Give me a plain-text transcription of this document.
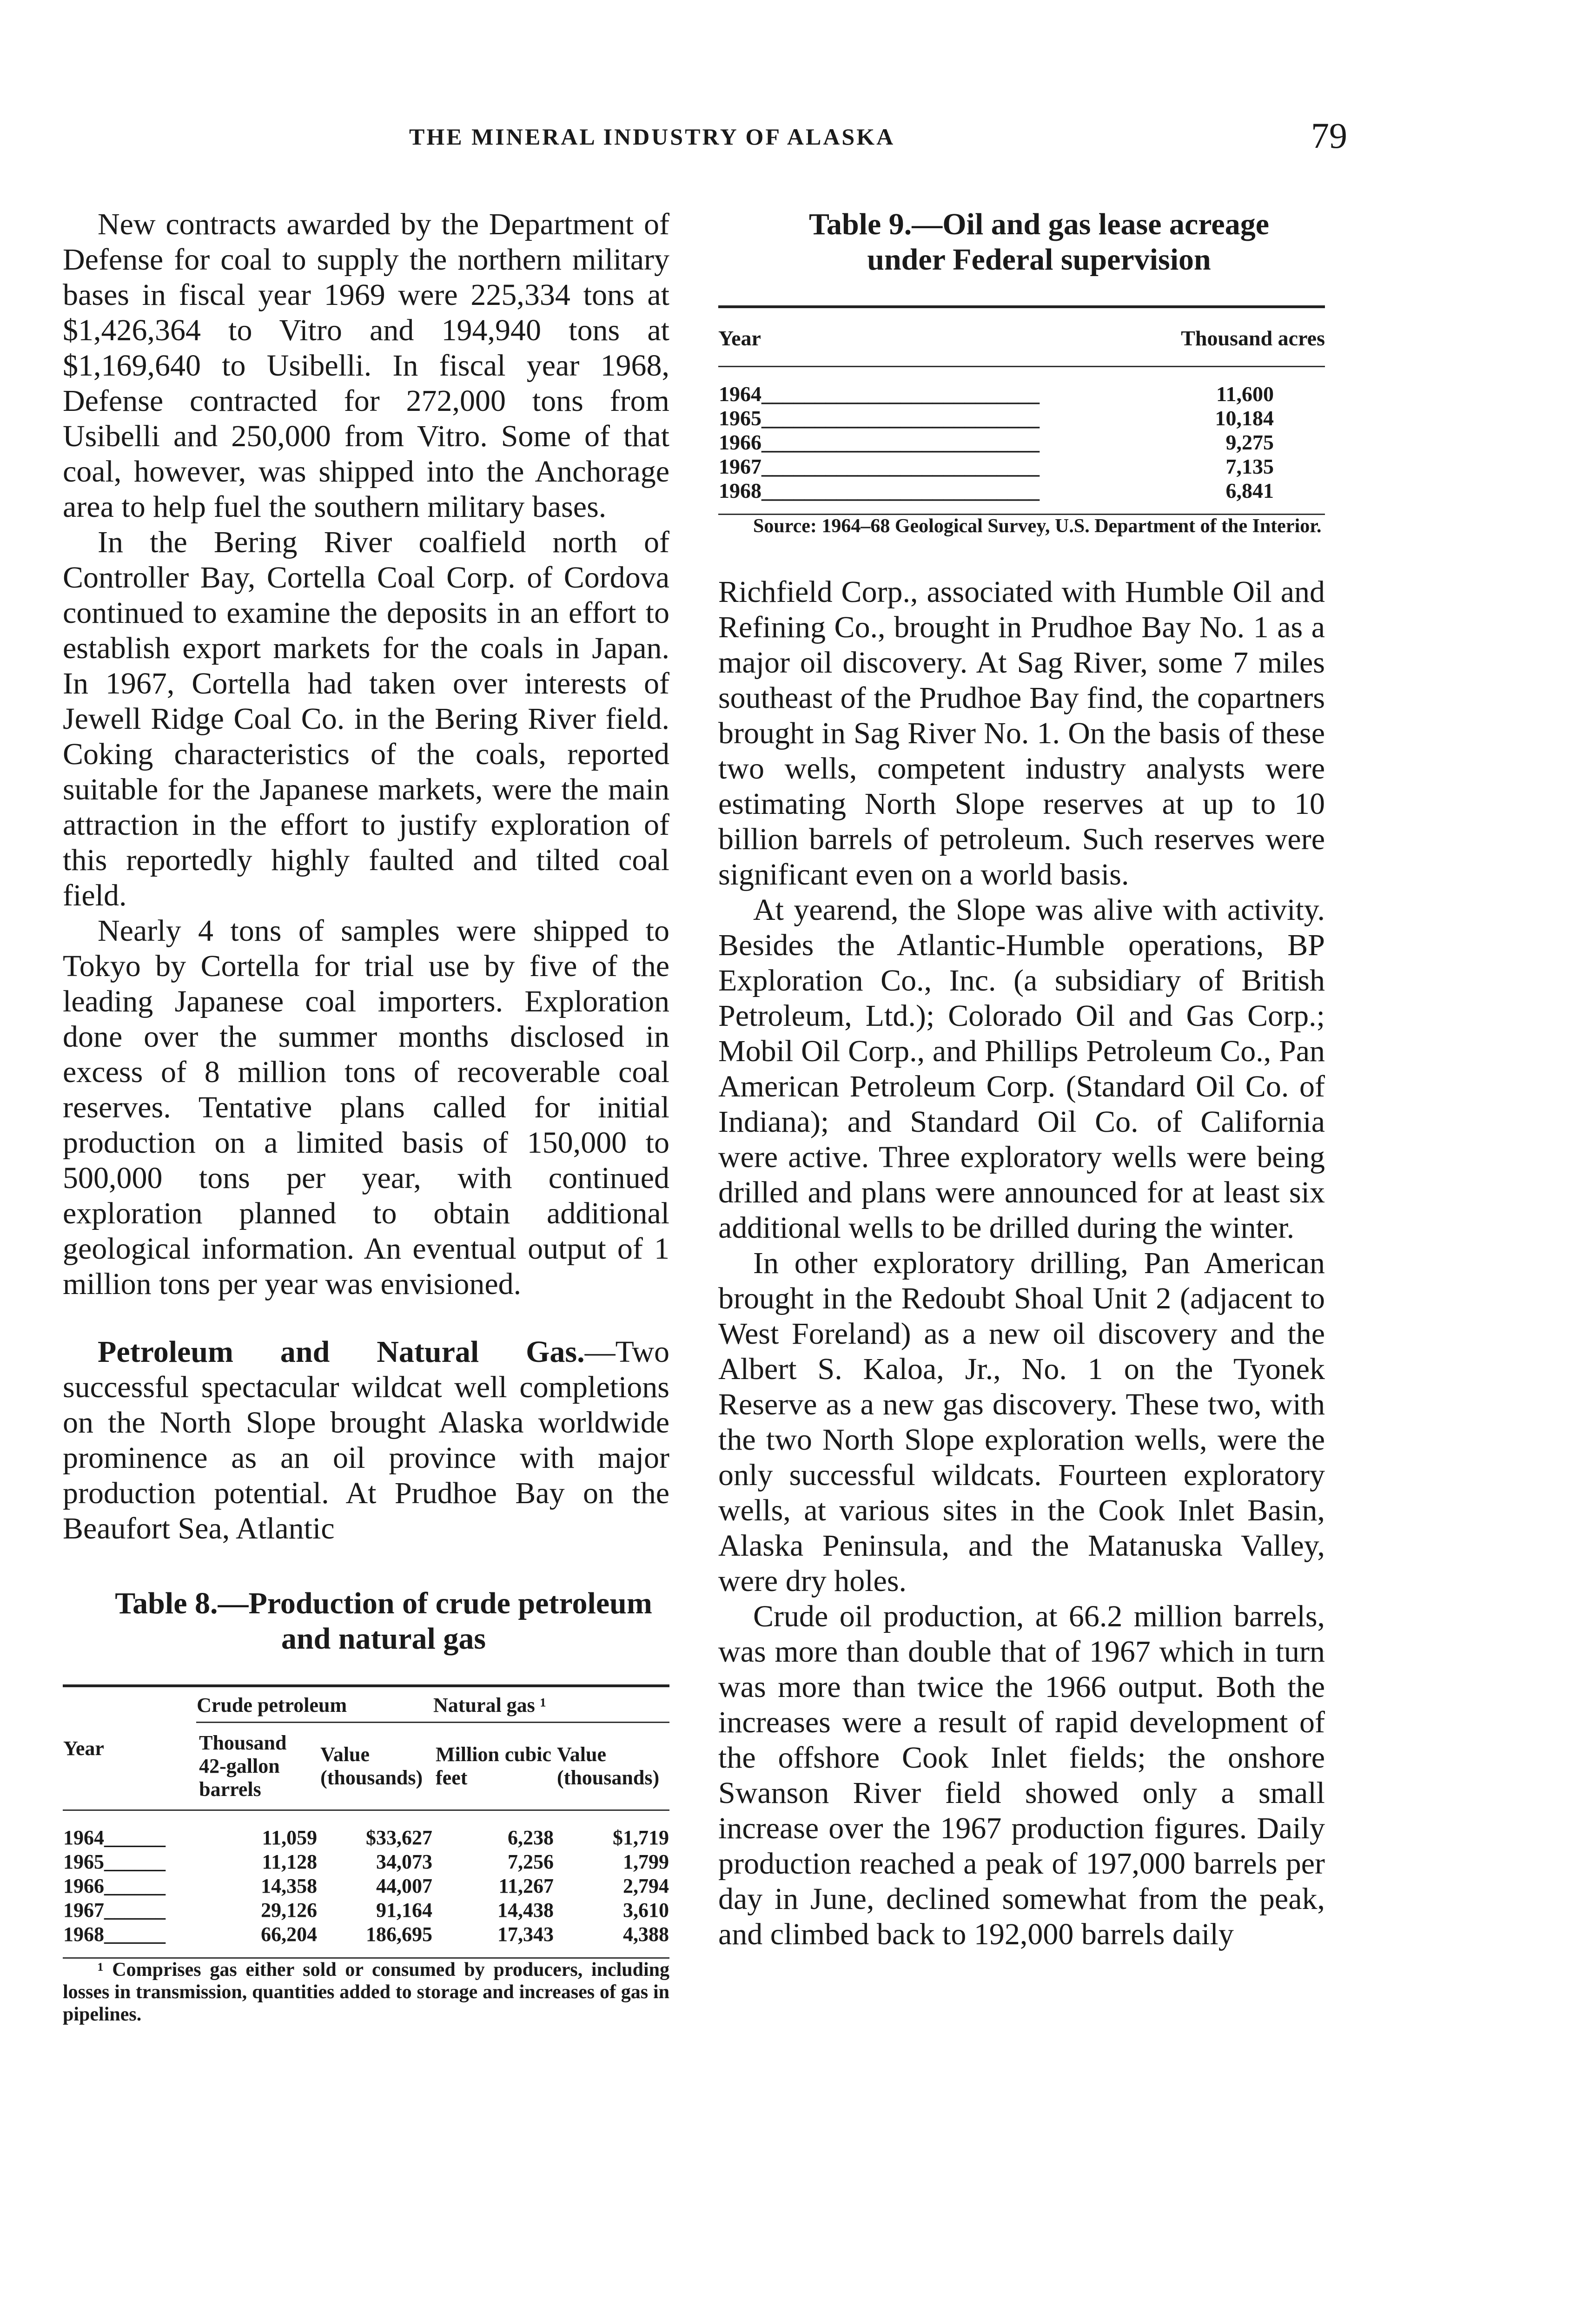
THE MINERAL INDUSTRY OF ALASKA	79

New contracts awarded by the Department of Defense for coal to supply the northern military bases in fiscal year 1969 were 225,334 tons at $1,426,364 to Vitro and 194,940 tons at $1,169,640 to Usibelli. In fiscal year 1968, Defense contracted for 272,000 tons from Usibelli and 250,000 from Vitro. Some of that coal, however, was shipped into the Anchorage area to help fuel the southern military bases.

In the Bering River coalfield north of Controller Bay, Cortella Coal Corp. of Cordova continued to examine the deposits in an effort to establish export markets for the coals in Japan. In 1967, Cortella had taken over interests of Jewell Ridge Coal Co. in the Bering River field. Coking characteristics of the coals, reported suitable for the Japanese markets, were the main attraction in the effort to justify exploration of this reportedly highly faulted and tilted coal field.

Nearly 4 tons of samples were shipped to Tokyo by Cortella for trial use by five of the leading Japanese coal importers. Exploration done over the summer months disclosed in excess of 8 million tons of recoverable coal reserves. Tentative plans called for initial production on a limited basis of 150,000 to 500,000 tons per year, with continued exploration planned to obtain additional geological information. An eventual output of 1 million tons per year was envisioned.

Petroleum and Natural Gas.—Two successful spectacular wildcat well completions on the North Slope brought Alaska worldwide prominence as an oil province with major production potential. At Prudhoe Bay on the Beaufort Sea, Atlantic

Table 8.—Production of crude petroleum

and natural gas

Year	Crude petroleum		Natural gas ¹	
	Thousand 42-gallon barrels	Value (thousands)	Million cubic feet	Value (thousands)

1964______	11,059	$33,627	6,238	$1,719
1965______	11,128	34,073	7,256	1,799
1966______	14,358	44,007	11,267	2,794
1967______	29,126	91,164	14,438	3,610
1968______	66,204	186,695	17,343	4,388

¹ Comprises gas either sold or consumed by producers, including losses in transmission, quantities added to storage and increases of gas in pipelines.

Table 9.—Oil and gas lease acreage

under Federal supervision

Year	Thousand acres

1964__________________________	11,600
1965__________________________	10,184
1966__________________________	9,275
1967__________________________	7,135
1968__________________________	6,841

Source: 1964–68 Geological Survey, U.S. Department of the Interior.

Richfield Corp., associated with Humble Oil and Refining Co., brought in Prudhoe Bay No. 1 as a major oil discovery. At Sag River, some 7 miles southeast of the Prudhoe Bay find, the copartners brought in Sag River No. 1. On the basis of these two wells, competent industry analysts were estimating North Slope reserves at up to 10 billion barrels of petroleum. Such reserves were significant even on a world basis.

At yearend, the Slope was alive with activity. Besides the Atlantic-Humble operations, BP Exploration Co., Inc. (a subsidiary of British Petroleum, Ltd.); Colorado Oil and Gas Corp.; Mobil Oil Corp., and Phillips Petroleum Co., Pan American Petroleum Corp. (Standard Oil Co. of Indiana); and Standard Oil Co. of California were active. Three exploratory wells were being drilled and plans were announced for at least six additional wells to be drilled during the winter.

In other exploratory drilling, Pan American brought in the Redoubt Shoal Unit 2 (adjacent to West Foreland) as a new oil discovery and the Albert S. Kaloa, Jr., No. 1 on the Tyonek Reserve as a new gas discovery. These two, with the two North Slope exploration wells, were the only successful wildcats. Fourteen exploratory wells, at various sites in the Cook Inlet Basin, Alaska Peninsula, and the Matanuska Valley, were dry holes.

Crude oil production, at 66.2 million barrels, was more than double that of 1967 which in turn was more than twice the 1966 output. Both the increases were a result of rapid development of the offshore Cook Inlet fields; the onshore Swanson River field showed only a small increase over the 1967 production figures. Daily production reached a peak of 197,000 barrels per day in June, declined somewhat from the peak, and climbed back to 192,000 barrels daily
